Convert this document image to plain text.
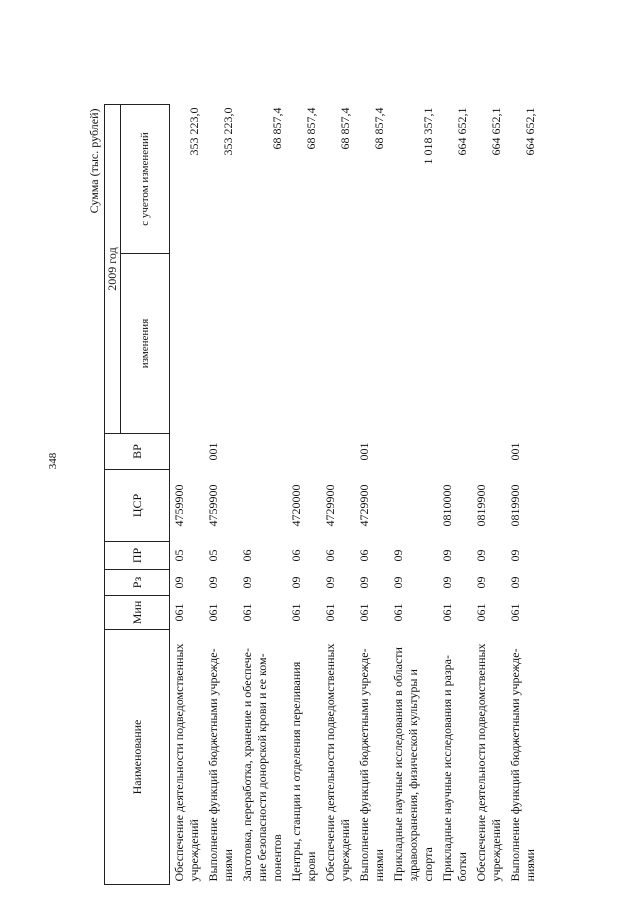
348
						Сумма (тыс. рублей)	
Наименование	Мин	Рз	ПР	ЦСР	ВР	2009 год	
						изменения	с учетом изменений
Обеспечение деятельности подведомственных учреждений	061	09	05	4759900			353 223,0
Выполнение функций бюджетными учрежде-ниями	061	09	05	4759900	001		353 223,0
Заготовка, переработка, хранение и обеспече-ние безопасности донорской крови и ее ком-понентов	061	09	06				68 857,4
Центры, станции и отделения переливания крови	061	09	06	4720000			68 857,4
Обеспечение деятельности подведомственных учреждений	061	09	06	4729900			68 857,4
Выполнение функций бюджетными учрежде-ниями	061	09	06	4729900	001		68 857,4
Прикладные научные исследования в области здравоохранения, физической культуры и спорта	061	09	09				1 018 357,1
Прикладные научные исследования и разра-ботки	061	09	09	0810000			664 652,1
Обеспечение деятельности подведомственных учреждений	061	09	09	0819900			664 652,1
Выполнение функций бюджетными учрежде-ниями	061	09	09	0819900	001		664 652,1
